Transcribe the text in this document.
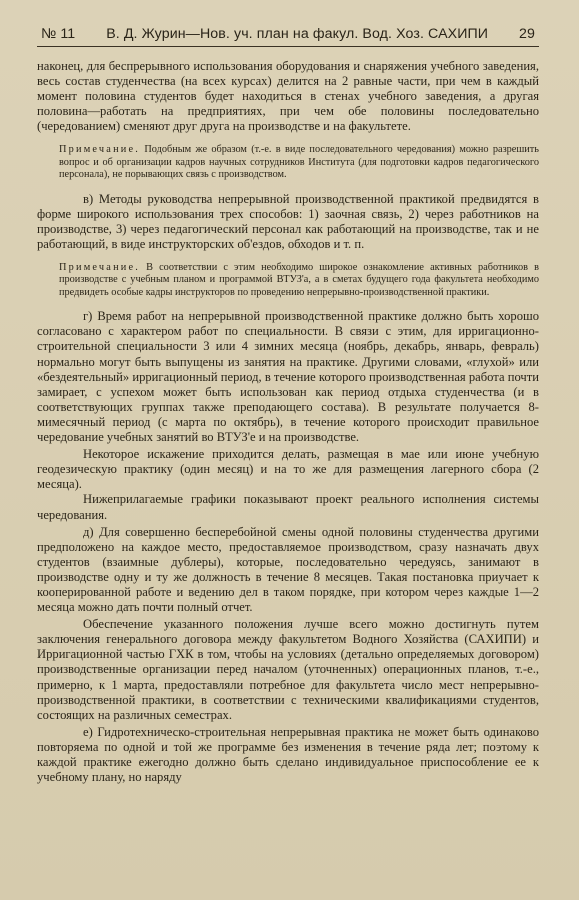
№ 11 В. Д. Журин—Нов. уч. план на факул. Вод. Хоз. САХИПИ 29

наконец, для беспрерывного использования оборудования и снаряжения учебного заведения, весь состав студенчества (на всех курсах) делится на 2 равные части, при чем в каждый момент половина студентов будет находиться в стенах учебного заведения, а другая половина—работать на предприятиях, при чем обе половины последовательно (чередованием) сменяют друг друга на производстве и на факультете.

Примечание. Подобным же образом (т.-е. в виде последовательного чередования) можно разрешить вопрос и об организации кадров научных сотрудников Института (для подготовки кадров педагогического персонала), не порывающих связь с производством.

в) Методы руководства непрерывной производственной практикой предвидятся в форме широкого использования трех способов: 1) заочная связь, 2) через работников на производстве, 3) через педагогический персонал как работающий на производстве, так и не работающий, в виде инструкторских об'ездов, обходов и т. п.

Примечание. В соответствии с этим необходимо широкое ознакомление активных работников в производстве с учебным планом и программой ВТУЗ'а, а в сметах будущего года факультета необходимо предвидеть особые кадры инструкторов по проведению непрерывно-производственной практики.

г) Время работ на непрерывной производственной практике должно быть хорошо согласовано с характером работ по специальности. В связи с этим, для ирригационно-строительной специальности 3 или 4 зимних месяца (ноябрь, декабрь, январь, февраль) нормально могут быть выпущены из занятия на практике. Другими словами, «глухой» или «бездеятельный» ирригационный период, в течение которого производственная работа почти замирает, с успехом может быть использован как период отдыха студенчества (и в соответствующих группах также преподающего состава). В результате получается 8-мимесячный период (с марта по октябрь), в течение которого происходит правильное чередование учебных занятий во ВТУЗ'е и на производстве.

Некоторое искажение приходится делать, размещая в мае или июне учебную геодезическую практику (один месяц) и на то же для размещения лагерного сбора (2 месяца).

Нижеприлагаемые графики показывают проект реального исполнения системы чередования.

д) Для совершенно бесперебойной смены одной половины студенчества другими предположено на каждое место, предоставляемое производством, сразу назначать двух студентов (взаимные дублеры), которые, последовательно чередуясь, занимают в производстве одну и ту же должность в течение 8 месяцев. Такая постановка приучает к кооперированной работе и ведению дел в таком порядке, при котором через каждые 1—2 месяца можно дать почти полный отчет.

Обеспечение указанного положения лучше всего можно достигнуть путем заключения генерального договора между факультетом Водного Хозяйства (САХИПИ) и Ирригационной частью ГХК в том, чтобы на условиях (детально определяемых договором) производственные организации перед началом (уточненных) операционных планов, т.-е., примерно, к 1 марта, предоставляли потребное для факультета число мест непрерывно-производственной практики, в соответствии с техническими квалификациями студентов, состоящих на различных семестрах.

е) Гидротехническо-строительная непрерывная практика не может быть одинаково повторяема по одной и той же программе без изменения в течение ряда лет; поэтому к каждой практике ежегодно должно быть сделано индивидуальное приспособление ее к учебному плану, но наряду
